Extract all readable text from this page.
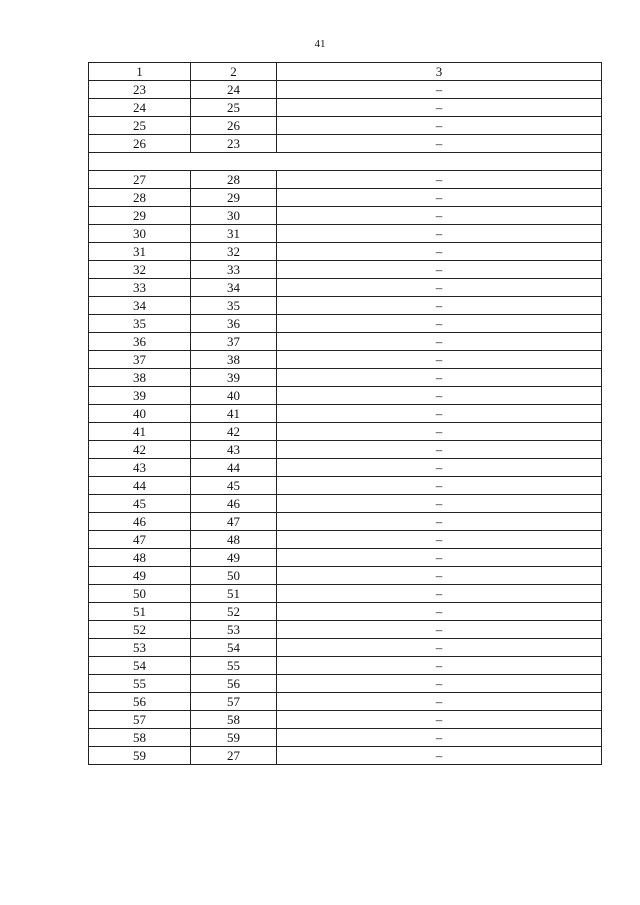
41
1	2	3
23	24	–
24	25	–
25	26	–
26	23	–

27	28	–
28	29	–
29	30	–
30	31	–
31	32	–
32	33	–
33	34	–
34	35	–
35	36	–
36	37	–
37	38	–
38	39	–
39	40	–
40	41	–
41	42	–
42	43	–
43	44	–
44	45	–
45	46	–
46	47	–
47	48	–
48	49	–
49	50	–
50	51	–
51	52	–
52	53	–
53	54	–
54	55	–
55	56	–
56	57	–
57	58	–
58	59	–
59	27	–
